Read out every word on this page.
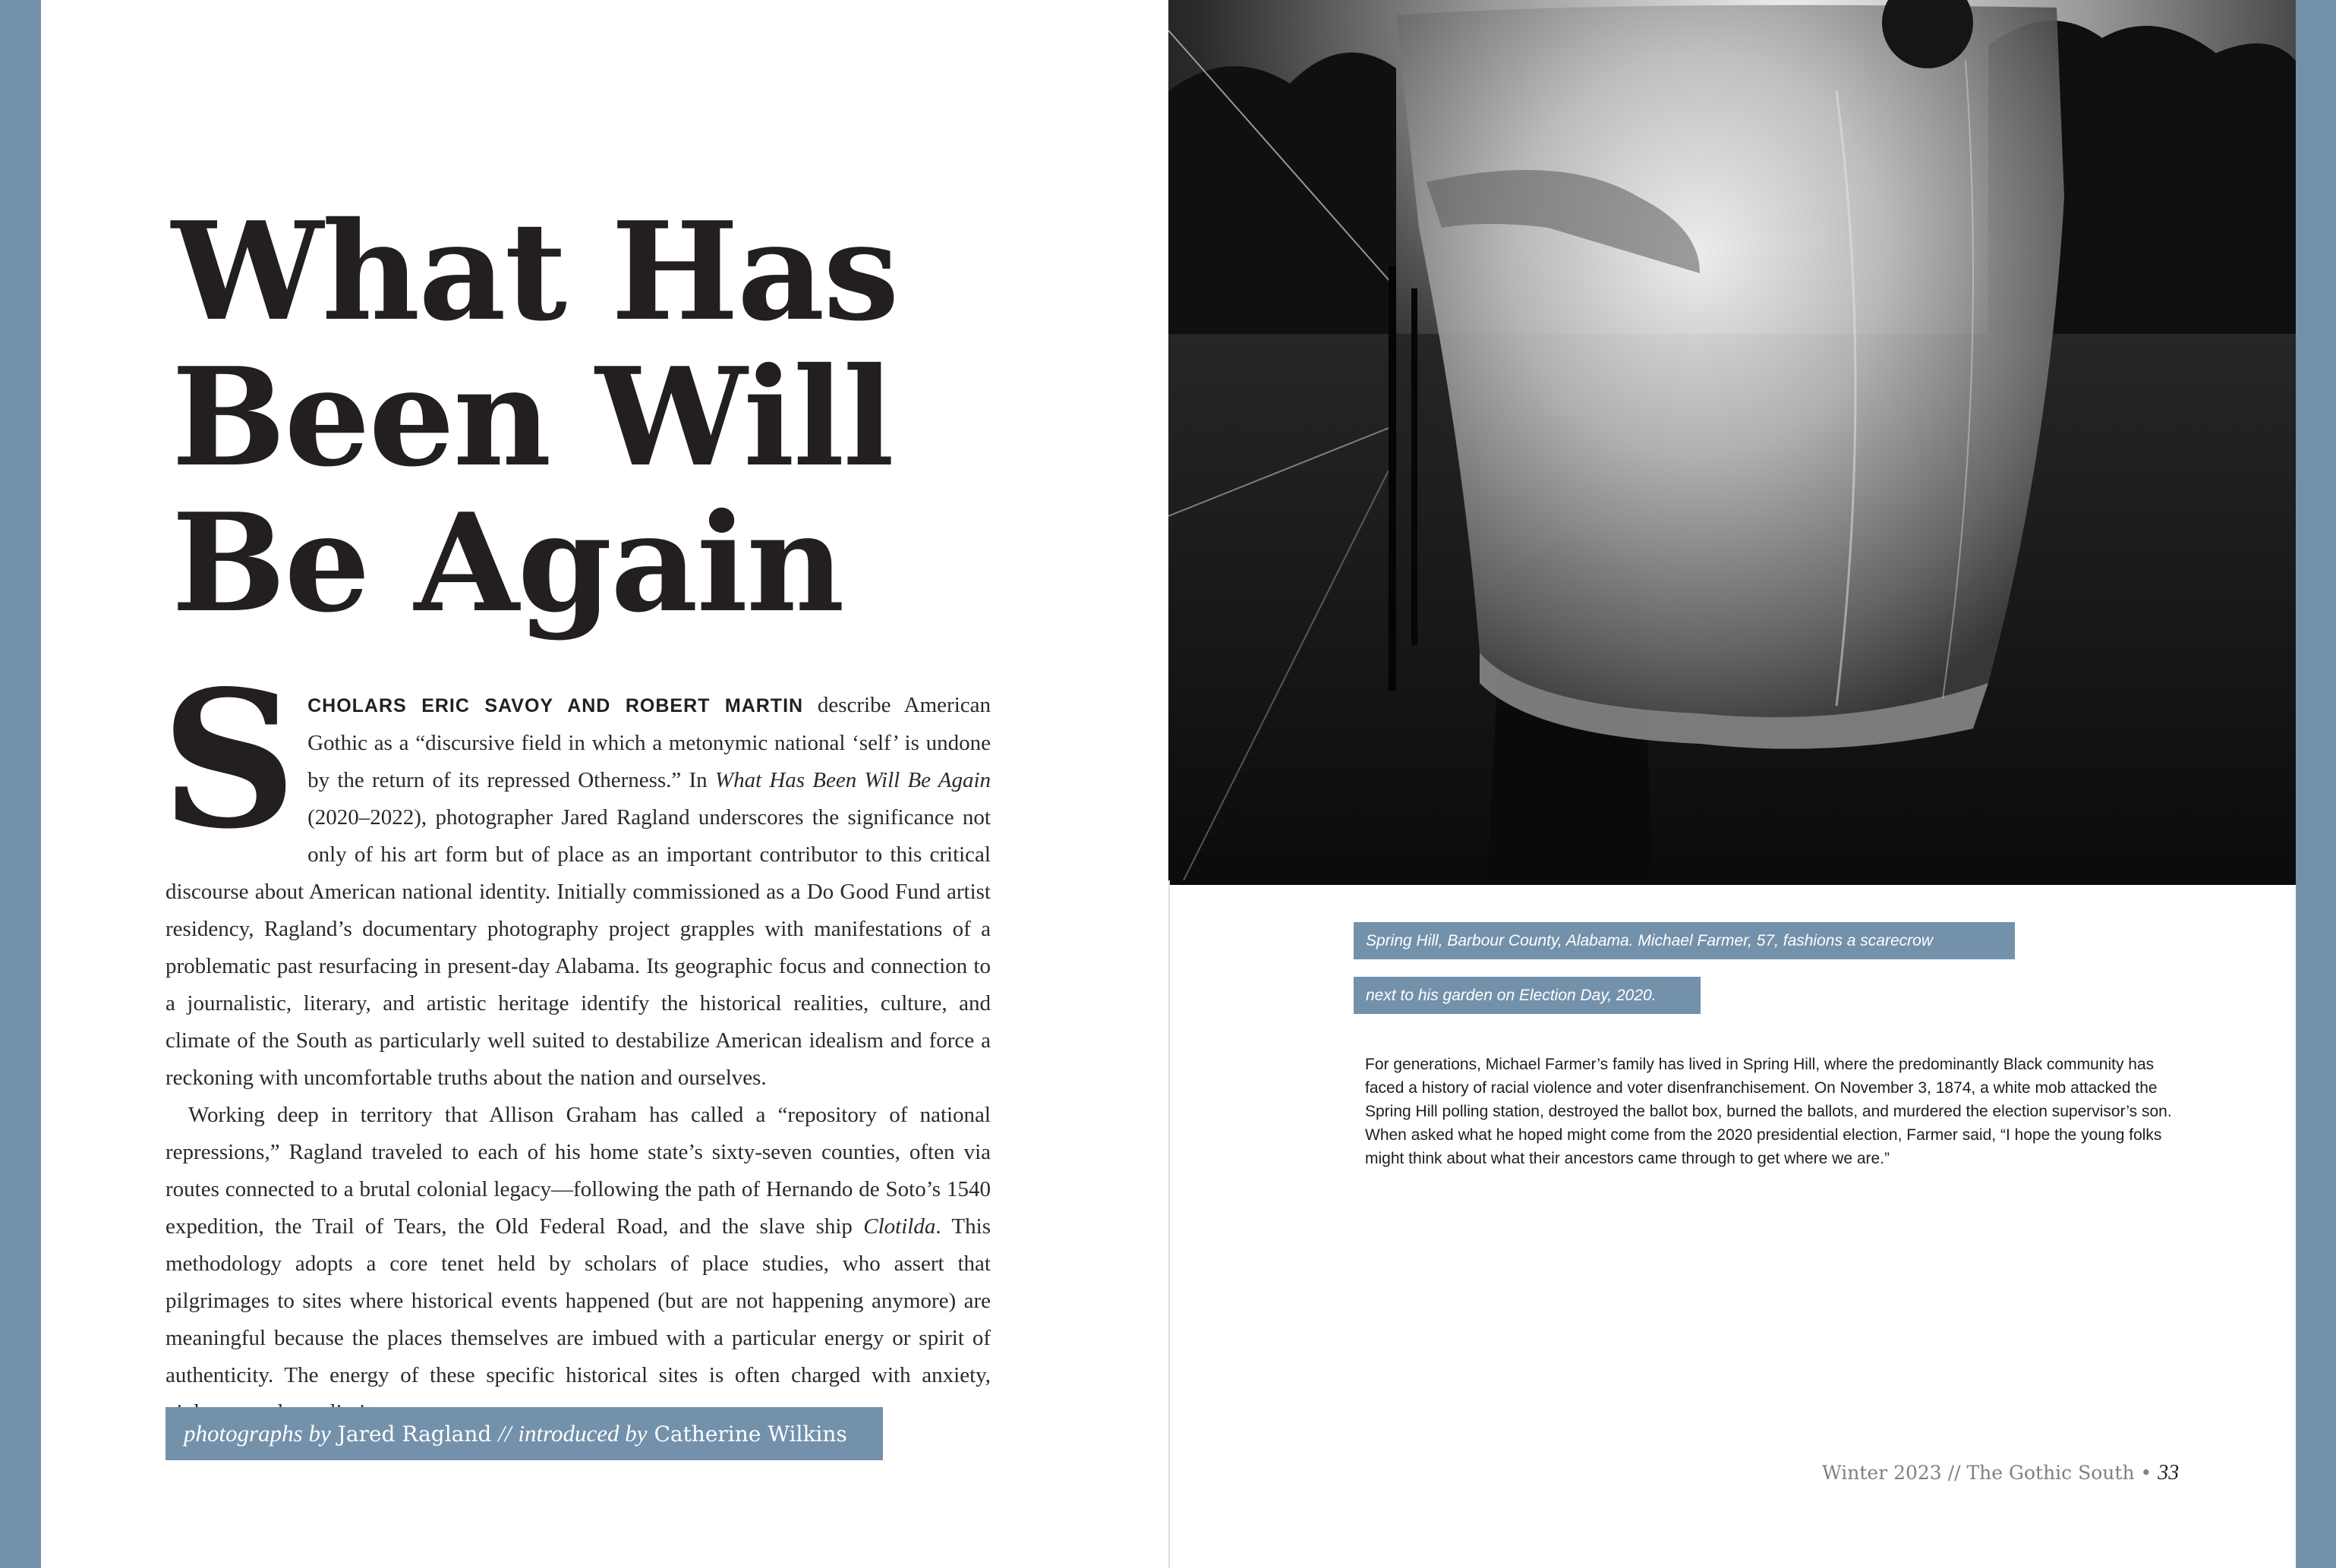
What Has
Been Will
Be Again

SCHOLARS ERIC SAVOY AND ROBERT MARTIN describe American Gothic as a “discursive field in which a metonymic national ‘self’ is undone by the return of its repressed Otherness.” In What Has Been Will Be Again (2020–2022), photographer Jared Ragland underscores the significance not only of his art form but of place as an important contributor to this critical discourse about American national identity. Initially commissioned as a Do Good Fund artist residency, Ragland’s documentary photography project grapples with manifestations of a problematic past resurfacing in present-day Alabama. Its geographic focus and connection to a journalistic, literary, and artistic heritage identify the historical realities, culture, and climate of the South as particularly well suited to destabilize American idealism and force a reckoning with uncomfortable truths about the nation and ourselves.

Working deep in territory that Allison Graham has called a “repository of national repressions,” Ragland traveled to each of his home state’s sixty-seven counties, often via routes connected to a brutal colonial legacy—following the path of Hernando de Soto’s 1540 expedition, the Trail of Tears, the Old Federal Road, and the slave ship Clotilda. This methodology adopts a core tenet held by scholars of place studies, who assert that pilgrimages to sites where historical events happened (but are not happening anymore) are meaningful because the places themselves are imbued with a particular energy or spirit of authenticity. The energy of these specific historical sites is often charged with anxiety,

photographs by Jared Ragland // introduced by Catherine Wilkins
Spring Hill, Barbour County, Alabama. Michael Farmer, 57, fashions a scarecrow
next to his garden on Election Day, 2020.
For generations, Michael Farmer’s family has lived in Spring Hill, where the predominantly Black community has faced a history of racial violence and voter disenfranchisement. On November 3, 1874, a white mob attacked the Spring Hill polling station, destroyed the ballot box, burned the ballots, and murdered the election supervisor’s son. When asked what he hoped might come from the 2020 presidential election, Farmer said, “I hope the young folks might think about what their ancestors came through to get where we are.”
Winter 2023 // The Gothic South • 33
